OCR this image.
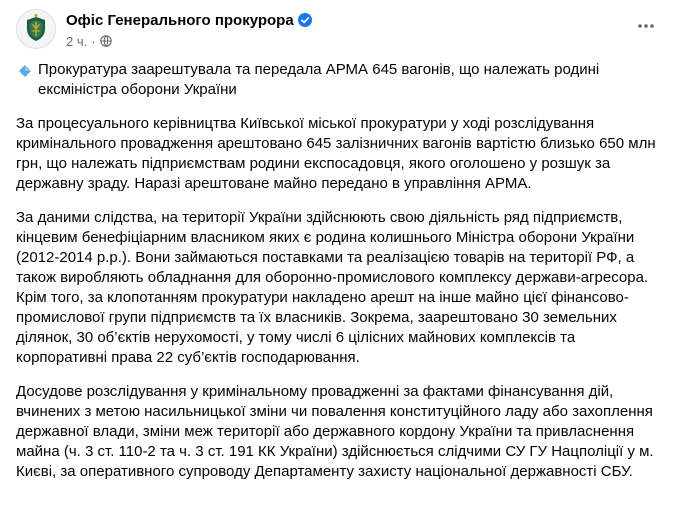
Офіс Генерального прокурора
2 ч. ·
Прокуратура заарештувала та передала АРМА 645 вагонів, що належать родині ексміністра оборони України

За процесуального керівництва Київської міської прокуратури у ході розслідування кримінального провадження арештовано 645 залізничних вагонів вартістю близько 650 млн грн, що належать підприємствам родини експосадовця, якого оголошено у розшук за державну зраду. Наразі арештоване майно передано в управління АРМА.

За даними слідства, на території України здійснюють свою діяльність ряд підприємств, кінцевим бенефіціарним власником яких є родина колишнього Міністра оборони України (2012-2014 р.р.). Вони займаються поставками та реалізацією товарів на території РФ, а також виробляють обладнання для оборонно-промислового комплексу держави-агресора.

Крім того, за клопотанням прокуратури накладено арешт на інше майно цієї фінансово-промислової групи підприємств та їх власників. Зокрема, заарештовано 30 земельних ділянок, 30 об’єктів нерухомості, у тому числі 6 цілісних майнових комплексів та корпоративні права 22 суб’єктів господарювання.

Досудове розслідування у кримінальному провадженні за фактами фінансування дій, вчинених з метою насильницької зміни чи повалення конституційного ладу або захоплення державної влади, зміни меж території або державного кордону України та привласнення майна (ч. 3 ст. 110-2 та ч. 3 ст. 191 КК України) здійснюється слідчими СУ ГУ Нацполіції у м. Києві, за оперативного супроводу Департаменту захисту національної державності СБУ.
